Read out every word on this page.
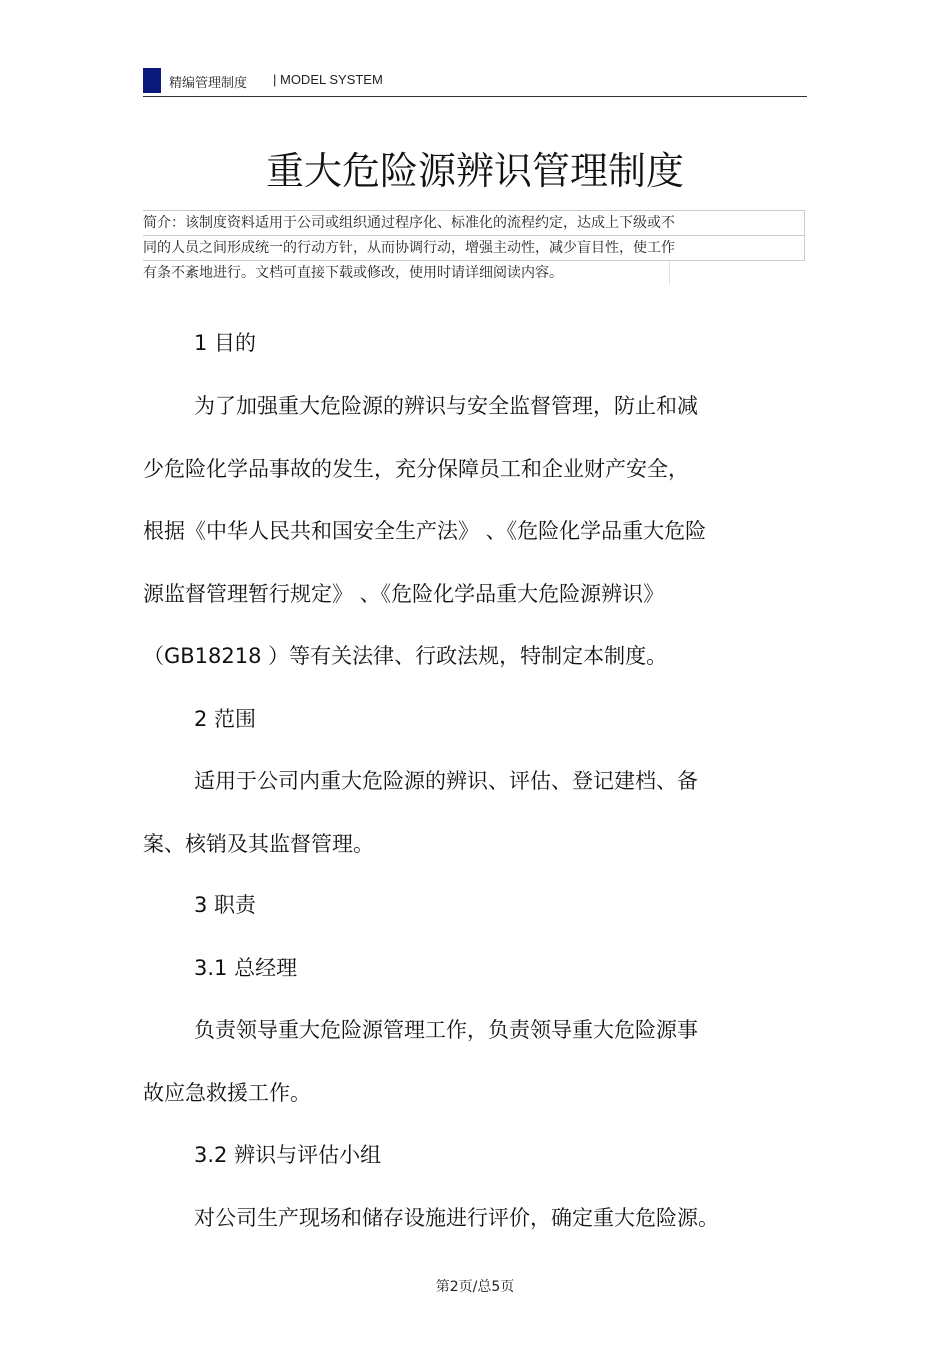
精编管理制度 | MODEL SYSTEM
重大危险源辨识管理制度
简介：该制度资料适用于公司或组织通过程序化、标准化的流程约定，达成上下级或不
同的人员之间形成统一的行动方针，从而协调行动，增强主动性，减少盲目性，使工作
有条不紊地进行。文档可直接下载或修改，使用时请详细阅读内容。
1 目的
为了加强重大危险源的辨识与安全监督管理，防止和减
少危险化学品事故的发生，充分保障员工和企业财产安全，
根据《中华人民共和国安全生产法》 、《危险化学品重大危险
源监督管理暂行规定》 、《危险化学品重大危险源辨识》
（GB18218 ）等有关法律、行政法规，特制定本制度。
2 范围
适用于公司内重大危险源的辨识、评估、登记建档、备
案、核销及其监督管理。
3 职责
3.1 总经理
负责领导重大危险源管理工作，负责领导重大危险源事
故应急救援工作。
3.2 辨识与评估小组
对公司生产现场和储存设施进行评价，确定重大危险源。
第2页/总5页
